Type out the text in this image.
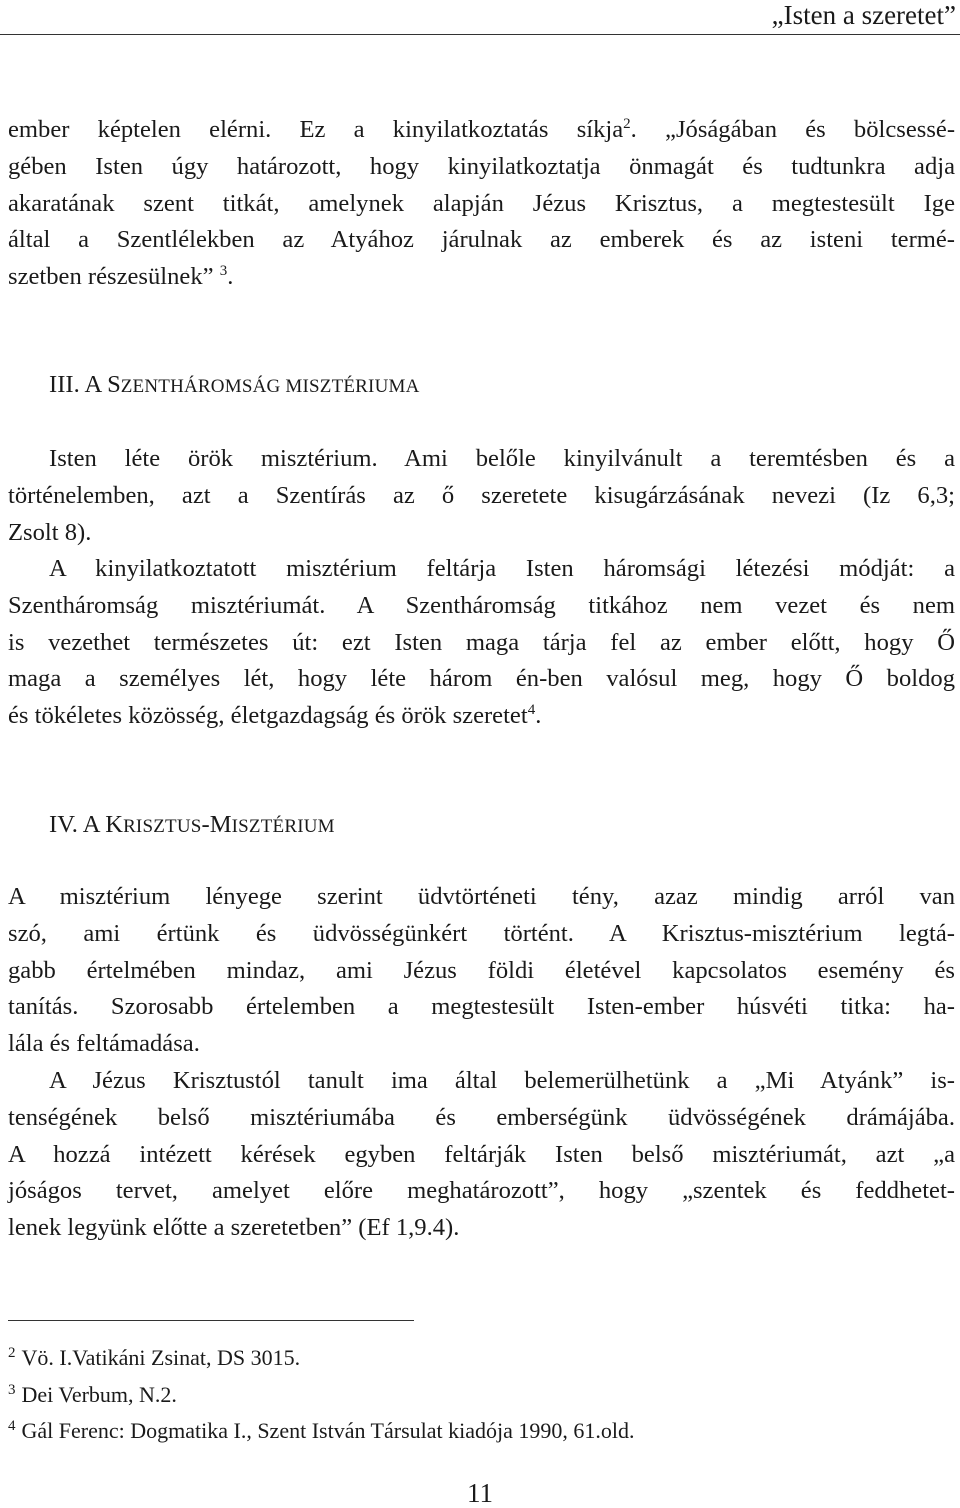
„Isten a szeretet”
ember képtelen elérni. Ez a kinyilatkoztatás síkja$^2$. „Jóságában és bölcsessé-
gében Isten úgy határozott, hogy kinyilatkoztatja önmagát és tudtunkra adja
akaratának szent titkát, amelynek alapján Jézus Krisztus, a megtestesült Ige
által a Szentlélekben az Atyához járulnak az emberek és az isteni termé-
szetben részesülnek” $^3$.
III. A SZENTHÁROMSÁG MISZTÉRIUMA
Isten léte örök misztérium. Ami belőle kinyilvánult a teremtésben és a
történelemben, azt a Szentírás az ő szeretete kisugárzásának nevezi (Iz 6,3;
Zsolt 8).
A kinyilatkoztatott misztérium feltárja Isten háromsági létezési módját: a
Szentháromság misztériumát. A Szentháromság titkához nem vezet és nem
is vezethet természetes út: ezt Isten maga tárja fel az ember előtt, hogy Ő
maga a személyes lét, hogy léte három én-ben valósul meg, hogy Ő boldog
és tökéletes közösség, életgazdagság és örök szeretet$^4$.
IV. A KRISZTUS-MISZTÉRIUM
A misztérium lényege szerint üdvtörténeti tény, azaz mindig arról van
szó, ami értünk és üdvösségünkért történt. A Krisztus-misztérium legtá-
gabb értelmében mindaz, ami Jézus földi életével kapcsolatos esemény és
tanítás. Szorosabb értelemben a megtestesült Isten-ember húsvéti titka: ha-
lála és feltámadása.
A Jézus Krisztustól tanult ima által belemerülhetünk a „Mi Atyánk” is-
tenségének belső misztériumába és emberségünk üdvösségének drámájába.
A hozzá intézett kérések egyben feltárják Isten belső misztériumát, azt „a
jóságos tervet, amelyet előre meghatározott”, hogy „szentek és feddhetet-
lenek legyünk előtte a szeretetben” (Ef 1,9.4).
$^2$ Vö. I.Vatikáni Zsinat, DS 3015.
$^3$ Dei Verbum, N.2.
$^4$ Gál Ferenc: Dogmatika I., Szent István Társulat kiadója 1990, 61.old.
11
